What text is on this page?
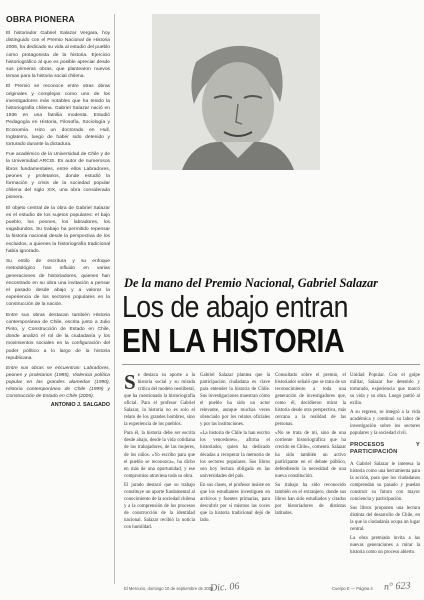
OBRA PIONERA

El historiador Gabriel Salazar Vergara, hoy distinguido con el Premio Nacional de Historia 2006, ha dedicado su vida al estudio del pueblo como protagonista de la historia. Ejercicio historiográfico al que es posible apreciar desde sus primeras obras, que plantearon nuevos temas para la historia social chilena.

El Premio se reconoce entre otras obras originales y complejas como uno de los investigadores más notables que ha tenido la historiografía chilena. Gabriel Salazar nació en 1936 en una familia modesta. Estudió Pedagogía en Historia, Filosofía, Sociología y Economía. Hizo un doctorado en Hull, Inglaterra, luego de haber sido detenido y torturado durante la dictadura.

Fue académico de la Universidad de Chile y de la Universidad ARCIS. Es autor de numerosos libros fundamentales, entre ellos Labradores, peones y proletarios, donde estudió la formación y crisis de la sociedad popular chilena del siglo XIX, una obra considerada pionera.

El objeto central de la obra de Gabriel Salazar es el estudio de los sujetos populares: el bajo pueblo, los peones, los labradores, los vagabundos. Su trabajo ha permitido repensar la historia nacional desde la perspectiva de los excluidos, a quienes la historiografía tradicional había ignorado.

Su estilo de escritura y su enfoque metodológico han influido en varias generaciones de historiadores, quienes han encontrado en su obra una invitación a pensar el pasado desde abajo y a valorar la experiencia de los sectores populares en la construcción de la nación.

Entre sus obras destacan también Historia contemporánea de Chile, escrita junto a Julio Pinto, y Construcción de Estado en Chile, donde analizó el rol de la ciudadanía y los movimientos sociales en la configuración del poder político a lo largo de la historia republicana.

Entre sus obras se encuentran: Labradores, peones y proletarios (1985), Violencia política popular en las grandes alamedas (1990), Historia contemporánea de Chile (1999) y Construcción de Estado en Chile (2005).

ANTONIO J. SALGADO
De la mano del Premio Nacional, Gabriel Salazar
Los de abajo entran
EN LA HISTORIA
S e destaca su aporte a la historia social y su mirada crítica del modelo neoliberal, que ha cuestionado la historiografía oficial. Para el profesor Gabriel Salazar, la historia no es solo el relato de los grandes hombres, sino la experiencia de los pueblos.

Para él, la historia debe ser escrita desde abajo, desde la vida cotidiana de los trabajadores, de las mujeres, de los niños. «Yo escribo para que el pueblo se reconozca», ha dicho en más de una oportunidad, y ese compromiso atraviesa toda su obra.

El jurado destacó que su trabajo constituye un aporte fundamental al conocimiento de la sociedad chilena y a la comprensión de los procesos de construcción de la identidad nacional. Salazar recibió la noticia con humildad.

Gabriel Salazar plantea que la participación ciudadana es clave para entender la historia de Chile. Sus investigaciones muestran cómo el pueblo ha sido un actor relevante, aunque muchas veces silenciado por los relatos oficiales y por las instituciones.

«La historia de Chile la han escrito los vencedores», afirma el historiador, quien ha dedicado décadas a recuperar la memoria de los sectores populares. Sus libros son hoy lectura obligada en las universidades del país.

En sus clases, el profesor insiste en que los estudiantes investiguen en archivos y fuentes primarias, para descubrir por sí mismos las voces que la historia tradicional dejó de lado.

Consultado sobre el premio, el historiador señaló que se trata de un reconocimiento a toda una generación de investigadores que, como él, decidieron mirar la historia desde otra perspectiva, más cercana a la realidad de las personas.

«No se trata de mí, sino de una corriente historiográfica que ha crecido en Chile», comentó. Salazar ha sido también un activo participante en el debate público, defendiendo la necesidad de una nueva constitución.

Su trabajo ha sido reconocido también en el extranjero, donde sus libros han sido estudiados y citados por historiadores de distintas latitudes.

Unidad Popular. Con el golpe militar, Salazar fue detenido y torturado, experiencia que marcó su vida y su obra. Luego partió al exilio.

A su regreso, se integró a la vida académica y continuó su labor de investigación sobre los sectores populares y la sociedad civil.

PROCESOS Y PARTICIPACIÓN

A Gabriel Salazar le interesa la historia como una herramienta para la acción, para que los ciudadanos comprendan su pasado y puedan construir su futuro con mayor conciencia y participación.

Sus libros proponen una lectura distinta del desarrollo de Chile, en la que la ciudadanía ocupa un lugar central.

La obra premiada invita a las nuevas generaciones a mirar la historia como un proceso abierto.

El Mercurio, domingo 10 de septiembre de 2006	Cuerpo E — Página 4
Dic. 06	n° 623
